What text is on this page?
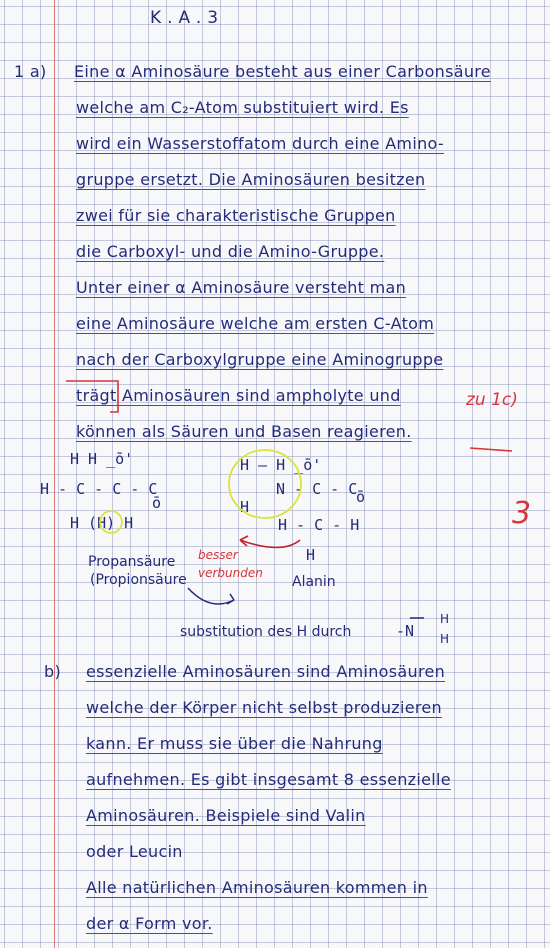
K.A.3
1 a) Eine α Aminosäure besteht aus einer Carbonsäure
welche am C₂-Atom substituiert wird. Es
wird ein Wasserstoffatom durch eine Amino-
gruppe ersetzt. Die Aminosäuren besitzen
zwei für sie charakteristische Gruppen
die Carboxyl- und die Amino-Gruppe.
Unter einer α Aminosäure versteht man
eine Aminosäure welche am ersten C-Atom
nach der Carboxylgruppe eine Aminogruppe
trägt Aminosäuren sind ampholyte und
können als Säuren und Basen reagieren.
zu 1c)
3
H H _ō'
H - C - C - C
ō
H (H) H
H — H _ō'
N - C - C
H
ō
H - C - H
H
Propansäure
(Propionsäure
besser
verbunden
Alanin
substitution des H durch	-N
H
H
b) essenzielle Aminosäuren sind Aminosäuren
welche der Körper nicht selbst produzieren
kann. Er muss sie über die Nahrung
aufnehmen. Es gibt insgesamt 8 essenzielle
Aminosäuren. Beispiele sind Valin
oder Leucin
Alle natürlichen Aminosäuren kommen in
der α Form vor.
